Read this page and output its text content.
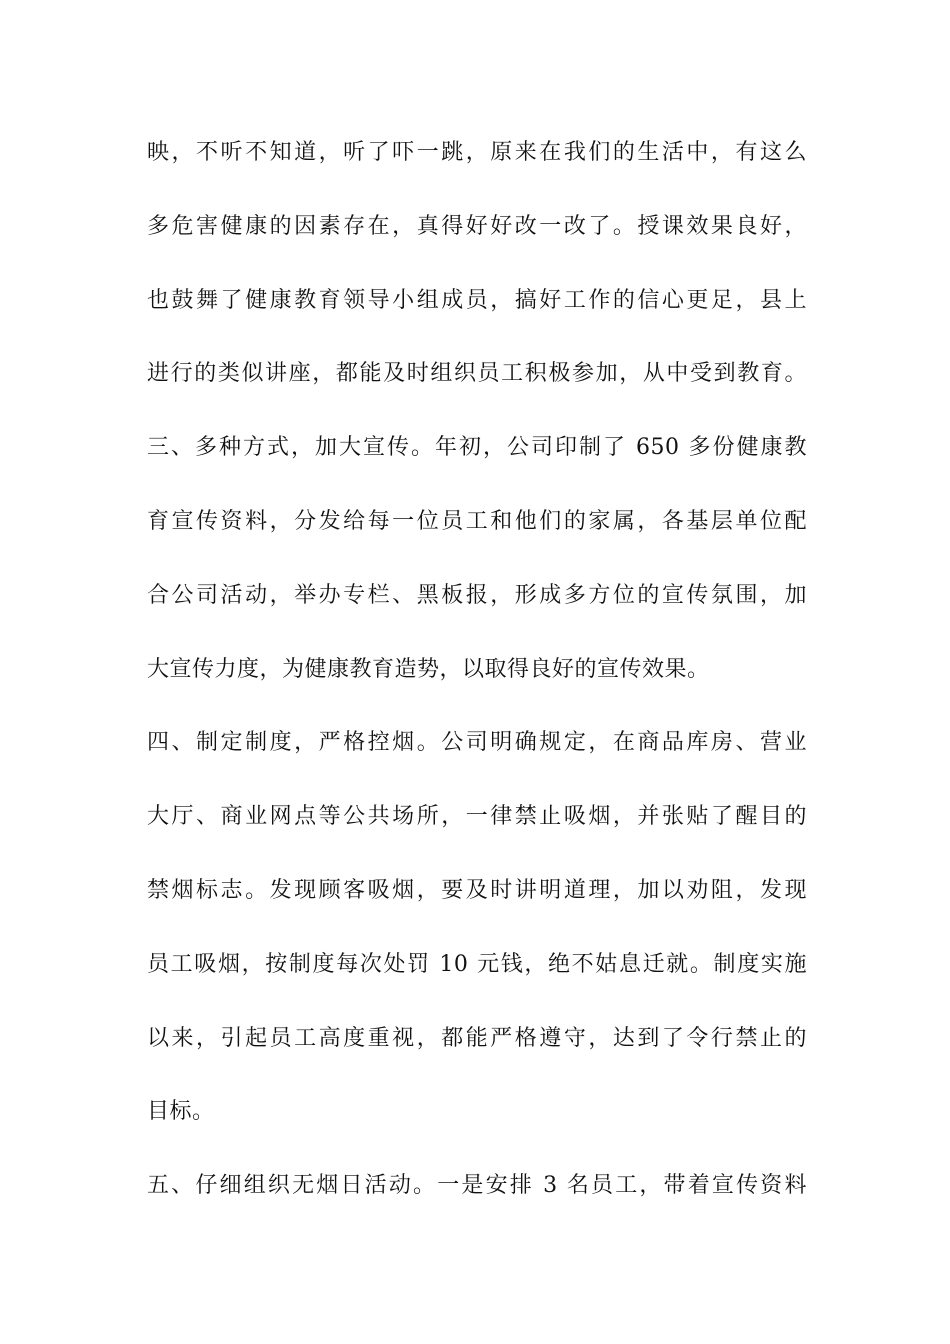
映，不听不知道，听了吓一跳，原来在我们的生活中，有这么
多危害健康的因素存在，真得好好改一改了。授课效果良好，
也鼓舞了健康教育领导小组成员，搞好工作的信心更足，县上
进行的类似讲座，都能及时组织员工积极参加，从中受到教育。
三、多种方式，加大宣传。年初，公司印制了 650 多份健康教
育宣传资料，分发给每一位员工和他们的家属，各基层单位配
合公司活动，举办专栏、黑板报，形成多方位的宣传氛围，加
大宣传力度，为健康教育造势，以取得良好的宣传效果。
四、制定制度，严格控烟。公司明确规定，在商品库房、营业
大厅、商业网点等公共场所，一律禁止吸烟，并张贴了醒目的
禁烟标志。发现顾客吸烟，要及时讲明道理，加以劝阻，发现
员工吸烟，按制度每次处罚 10 元钱，绝不姑息迁就。制度实施
以来，引起员工高度重视，都能严格遵守，达到了令行禁止的
目标。
五、仔细组织无烟日活动。一是安排 3 名员工，带着宣传资料
